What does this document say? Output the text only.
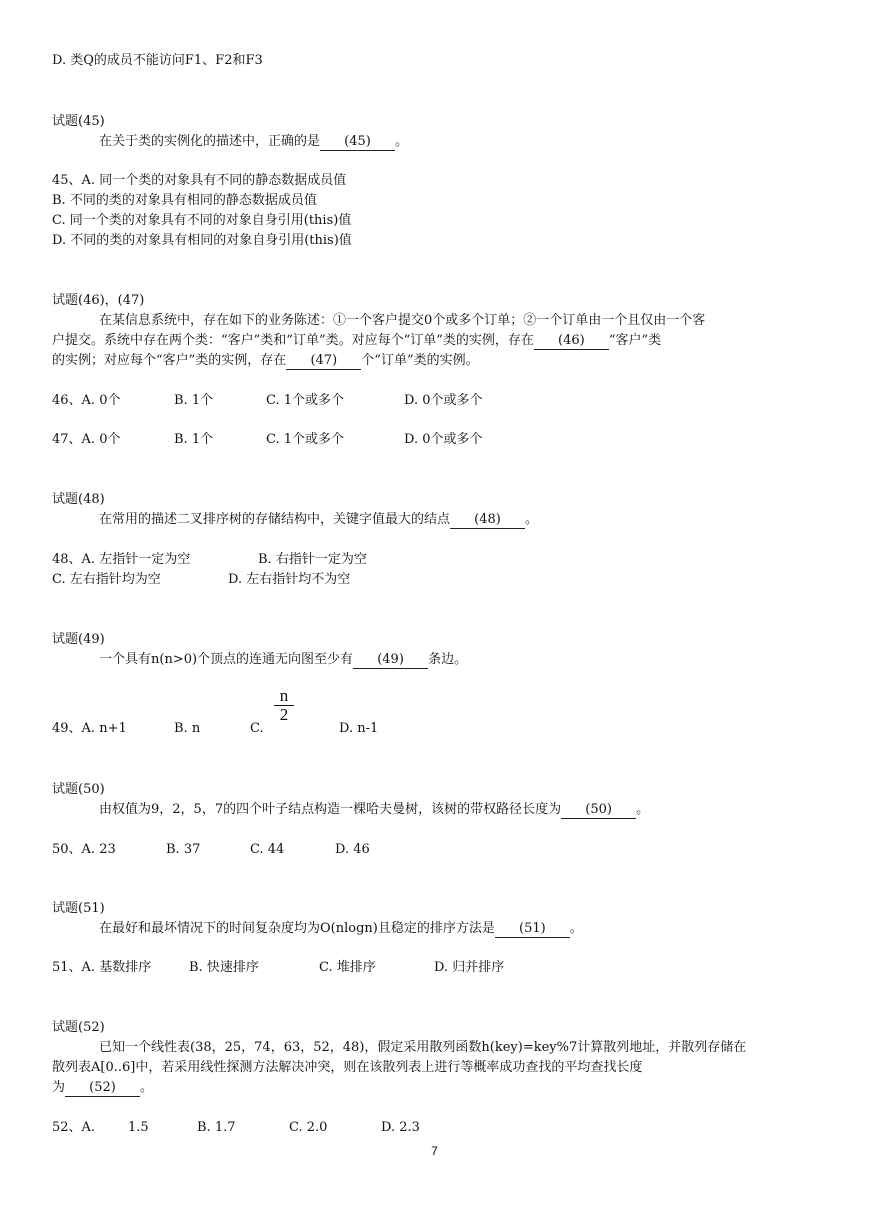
D. 类Q的成员不能访问F1、F2和F3
试题(45)
在关于类的实例化的描述中，正确的是 (45) 。
45、A. 同一个类的对象具有不同的静态数据成员值
B. 不同的类的对象具有相同的静态数据成员值
C. 同一个类的对象具有不同的对象自身引用(this)值
D. 不同的类的对象具有相同的对象自身引用(this)值
试题(46)，(47)
在某信息系统中，存在如下的业务陈述：①一个客户提交0个或多个订单；②一个订单由一个且仅由一个客
户提交。系统中存在两个类：“客户”类和“订单”类。对应每个“订单”类的实例，存在 (46) “客户”类
的实例；对应每个“客户”类的实例，存在 (47) 个“订单”类的实例。
46、A. 0个	B. 1个	C. 1个或多个	D. 0个或多个
47、A. 0个	B. 1个	C. 1个或多个	D. 0个或多个
试题(48)
在常用的描述二叉排序树的存储结构中，关键字值最大的结点 (48) 。
48、A. 左指针一定为空	B. 右指针一定为空
C. 左右指针均为空	D. 左右指针均不为空
试题(49)
一个具有n(n>0)个顶点的连通无向图至少有 (49) 条边。
49、A. n+1	B. n	C.
n
2
D. n-1
试题(50)
由权值为9，2，5，7的四个叶子结点构造一棵哈夫曼树，该树的带权路径长度为 (50) 。
50、A. 23	B. 37	C. 44	D. 46
试题(51)
在最好和最坏情况下的时间复杂度均为O(nlogn)且稳定的排序方法是 (51) 。
51、A. 基数排序	B. 快速排序	C. 堆排序	D. 归并排序
试题(52)
已知一个线性表(38，25，74，63，52，48)，假定采用散列函数h(key)=key%7计算散列地址，并散列存储在
散列表A[0..6]中，若采用线性探测方法解决冲突，则在该散列表上进行等概率成功查找的平均查找长度
为 (52) 。
52、A.	1.5	B. 1.7	C. 2.0	D. 2.3
7
